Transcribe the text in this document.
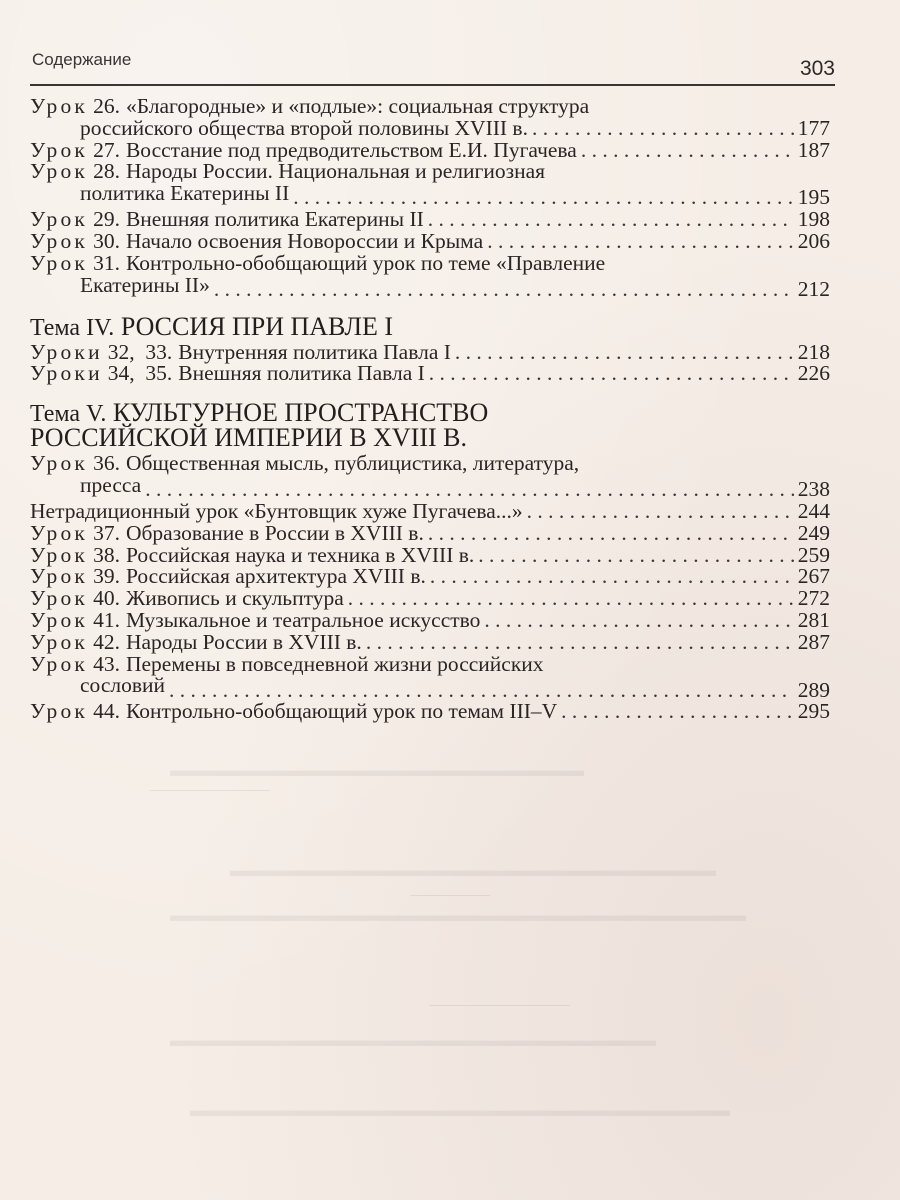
▬▬▬▬▬▬▬▬▬▬▬▬▬▬▬▬▬▬▬▬▬▬▬
▬▬▬▬▬▬▬▬▬▬▬▬▬▬▬▬▬▬▬▬▬▬▬▬▬▬▬
▬▬▬▬▬▬▬▬▬▬▬▬▬▬▬▬▬▬▬▬▬▬▬▬▬▬▬▬▬▬▬▬
▬▬▬▬▬▬▬▬▬▬▬▬▬▬▬▬▬▬▬▬▬▬▬▬▬▬▬
▬▬▬▬▬▬▬▬▬▬▬▬▬▬▬▬▬▬▬▬▬▬▬▬▬▬▬▬▬▬
Содержание	303
Урок 26. «Благородные» и «подлые»: социальная структура
российского общества второй половины XVIII в. . . .	177
Урок 27. Восстание под предводительством Е.И. Пугачева . . .	187
Урок 28. Народы России. Национальная и религиозная
политика Екатерины II . . .	195
Урок 29. Внешняя политика Екатерины II . . .	198
Урок 30. Начало освоения Новороссии и Крыма . . .	206
Урок 31. Контрольно-обобщающий урок по теме «Правление
Екатерины II» . . .	212
Тема IV. РОССИЯ ПРИ ПАВЛЕ I
Уроки 32,  33. Внутренняя политика Павла I . . .	218
Уроки 34,  35. Внешняя политика Павла I . . .	226
Тема V. КУЛЬТУРНОЕ ПРОСТРАНСТВО
РОССИЙСКОЙ ИМПЕРИИ В XVIII В.
Урок 36. Общественная мысль, публицистика, литература,
пресса . . .	238
Нетрадиционный урок «Бунтовщик хуже Пугачева...» . . .	244
Урок 37. Образование в России в XVIII в. . . .	249
Урок 38. Российская наука и техника в XVIII в. . . .	259
Урок 39. Российская архитектура XVIII в. . . .	267
Урок 40. Живопись и скульптура . . .	272
Урок 41. Музыкальное и театральное искусство . . .	281
Урок 42. Народы России в XVIII в. . . .	287
Урок 43. Перемены в повседневной жизни российских
сословий . . .	289
Урок 44. Контрольно-обобщающий урок по темам III–V . . .	295
